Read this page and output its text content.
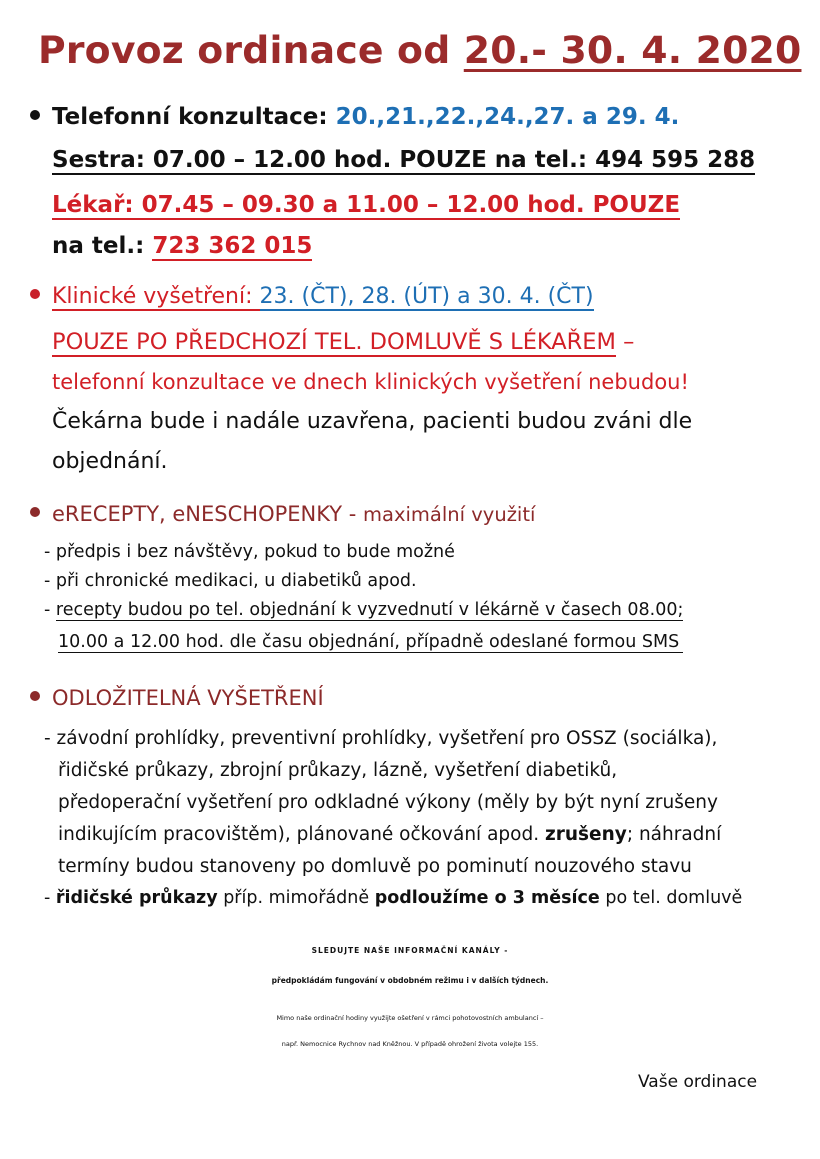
Provoz ordinace od 20.- 30. 4. 2020
Telefonní konzultace: 20.,21.,22.,24.,27. a 29. 4.
Sestra: 07.00 – 12.00 hod. POUZE na tel.: 494 595 288
Lékař: 07.45 – 09.30 a 11.00 – 12.00 hod. POUZE
na tel.: 723 362 015
Klinické vyšetření: 23. (ČT), 28. (ÚT) a 30. 4. (ČT)
POUZE PO PŘEDCHOZÍ TEL. DOMLUVĚ S LÉKAŘEM –
telefonní konzultace ve dnech klinických vyšetření nebudou!
Čekárna bude i nadále uzavřena, pacienti budou zváni dle
objednání.
eRECEPTY, eNESCHOPENKY - maximální využití
- předpis i bez návštěvy, pokud to bude možné
- při chronické medikaci, u diabetiků apod.
- recepty budou po tel. objednání k vyzvednutí v lékárně v časech 08.00;
10.00 a 12.00 hod. dle času objednání, případně odeslané formou SMS
ODLOŽITELNÁ VYŠETŘENÍ
- závodní prohlídky, preventivní prohlídky, vyšetření pro OSSZ (sociálka),
řidičské průkazy, zbrojní průkazy, lázně, vyšetření diabetiků,
předoperační vyšetření pro odkladné výkony (měly by být nyní zrušeny
indikujícím pracovištěm), plánované očkování apod. zrušeny; náhradní
termíny budou stanoveny po domluvě po pominutí nouzového stavu
- řidičské průkazy příp. mimořádně podloužíme o 3 měsíce po tel. domluvě
SLEDUJTE NAŠE INFORMAČNÍ KANÁLY -
předpokládám fungování v obdobném režimu i v dalších týdnech.
Mimo naše ordinační hodiny využijte ošetření v rámci pohotovostních ambulancí –
např. Nemocnice Rychnov nad Kněžnou. V případě ohrožení života volejte 155.
Vaše ordinace
